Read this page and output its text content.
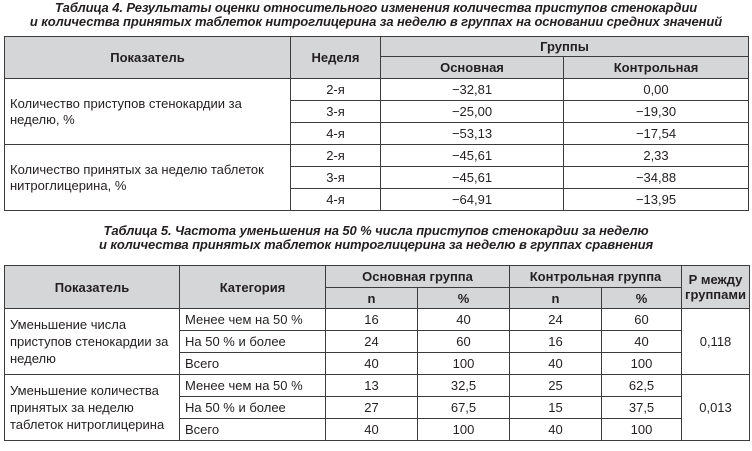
Таблица 4. Результаты оценки относительного изменения количества приступов стенокардии
и количества принятых таблеток нитроглицерина за неделю в группах на основании средних значений
Показатель	Неделя	Группы	
		Основная	Контрольная
Количество приступов стенокардии за неделю, %	2-я	−32,81	0,00
	3-я	−25,00	−19,30
	4-я	−53,13	−17,54
Количество принятых за неделю таблеток нитроглицерина, %	2-я	−45,61	2,33
	3-я	−45,61	−34,88
	4-я	−64,91	−13,95
Таблица 5. Частота уменьшения на 50 % числа приступов стенокардии за неделю
и количества принятых таблеток нитроглицерина за неделю в группах сравнения
Показатель	Категория	Основная группа		Контрольная группа		Р между группами
		n	%	n	%	
Уменьшение числа приступов стенокардии за неделю	Менее чем на 50 %	16	40	24	60	0,118
	На 50 % и более	24	60	16	40	
	Всего	40	100	40	100	
Уменьшение количества принятых за неделю таблеток нитроглицерина	Менее чем на 50 %	13	32,5	25	62,5	0,013
	На 50 % и более	27	67,5	15	37,5	
	Всего	40	100	40	100	
